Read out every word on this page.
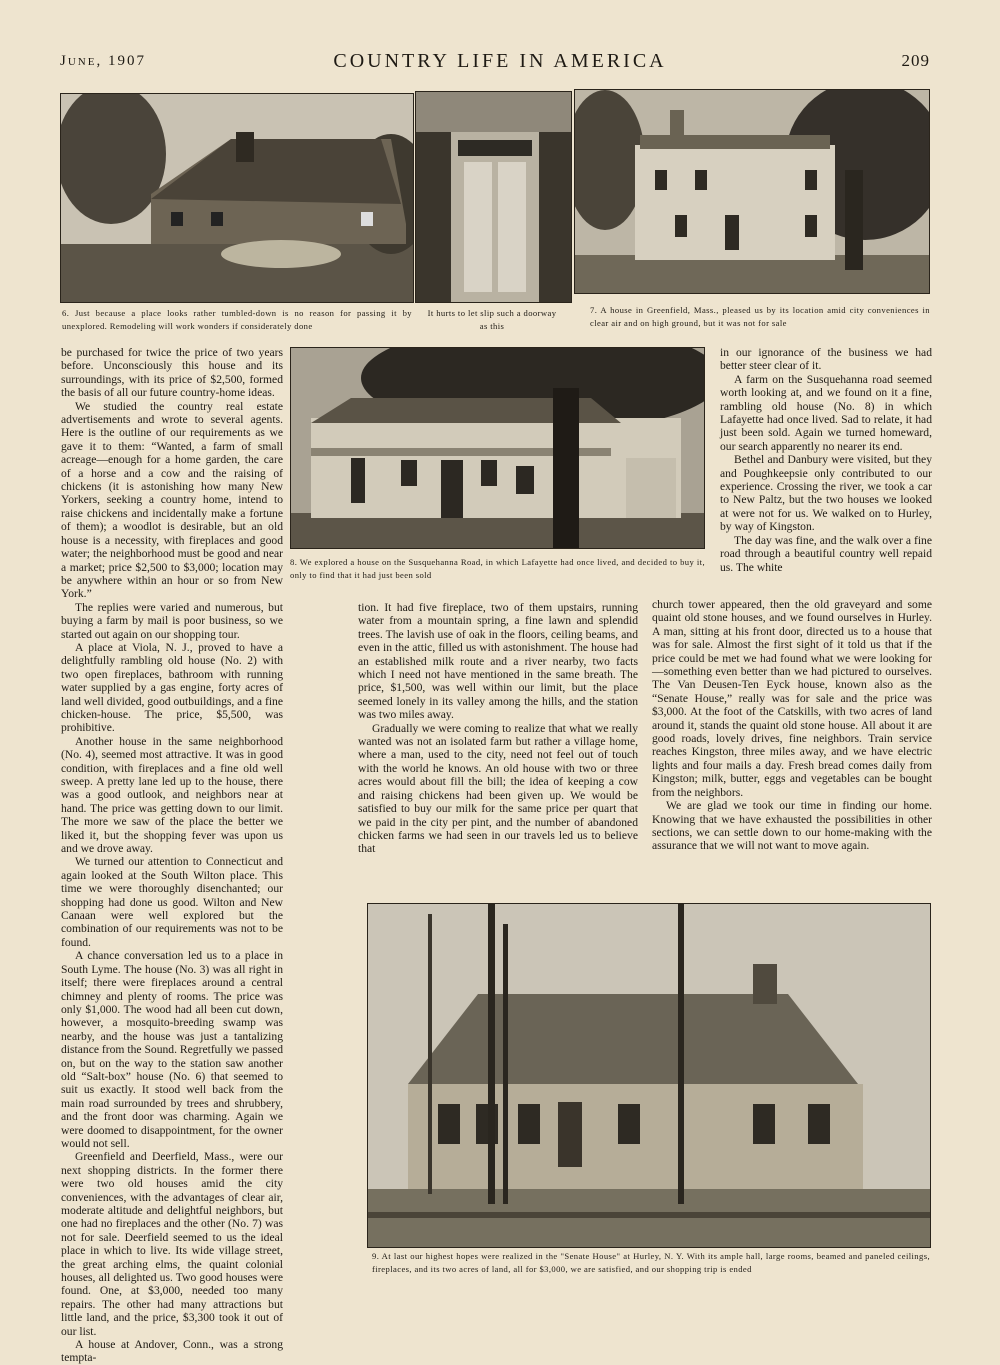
June, 1907	COUNTRY LIFE IN AMERICA	209
6. Just because a place looks rather tumbled-down is no reason for passing it by unexplored. Remodeling will work wonders if considerately done
It hurts to let slip such a doorway as this
7. A house in Greenfield, Mass., pleased us by its location amid city conveniences in clear air and on high ground, but it was not for sale
8. We explored a house on the Susquehanna Road, in which Lafayette had once lived, and decided to buy it, only to find that it had just been sold
9. At last our highest hopes were realized in the "Senate House" at Hurley, N. Y. With its ample hall, large rooms, beamed and paneled ceilings, fireplaces, and its two acres of land, all for $3,000, we are satisfied, and our shopping trip is ended

be purchased for twice the price of two years before. Unconsciously this house and its surroundings, with its price of $2,500, formed the basis of all our future country-home ideas.

We studied the country real estate advertisements and wrote to several agents. Here is the outline of our requirements as we gave it to them: “Wanted, a farm of small acreage—enough for a home garden, the care of a horse and a cow and the raising of chickens (it is astonishing how many New Yorkers, seeking a country home, intend to raise chickens and incidentally make a fortune of them); a woodlot is desirable, but an old house is a necessity, with fireplaces and good water; the neighborhood must be good and near a market; price $2,500 to $3,000; location may be anywhere within an hour or so from New York.”

The replies were varied and numerous, but buying a farm by mail is poor business, so we started out again on our shopping tour.

A place at Viola, N. J., proved to have a delightfully rambling old house (No. 2) with two open fireplaces, bathroom with running water supplied by a gas engine, forty acres of land well divided, good outbuildings, and a fine chicken-house. The price, $5,500, was prohibitive.

Another house in the same neighborhood (No. 4), seemed most attractive. It was in good condition, with fireplaces and a fine old well sweep. A pretty lane led up to the house, there was a good outlook, and neighbors near at hand. The price was getting down to our limit. The more we saw of the place the better we liked it, but the shopping fever was upon us and we drove away.

We turned our attention to Connecticut and again looked at the South Wilton place. This time we were thoroughly disenchanted; our shopping had done us good. Wilton and New Canaan were well explored but the combination of our requirements was not to be found.

A chance conversation led us to a place in South Lyme. The house (No. 3) was all right in itself; there were fireplaces around a central chimney and plenty of rooms. The price was only $1,000. The wood had all been cut down, however, a mosquito-breeding swamp was nearby, and the house was just a tantalizing distance from the Sound. Regretfully we passed on, but on the way to the station saw another old “Salt-box” house (No. 6) that seemed to suit us exactly. It stood well back from the main road surrounded by trees and shrubbery, and the front door was charming. Again we were doomed to disappointment, for the owner would not sell.

Greenfield and Deerfield, Mass., were our next shopping districts. In the former there were two old houses amid the city conveniences, with the advantages of clear air, moderate altitude and delightful neighbors, but one had no fireplaces and the other (No. 7) was not for sale. Deerfield seemed to us the ideal place in which to live. Its wide village street, the great arching elms, the quaint colonial houses, all delighted us. Two good houses were found. One, at $3,000, needed too many repairs. The other had many attractions but little land, and the price, $3,300 took it out of our list.

A house at Andover, Conn., was a strong tempta-

tion. It had five fireplace, two of them upstairs, running water from a mountain spring, a fine lawn and splendid trees. The lavish use of oak in the floors, ceiling beams, and even in the attic, filled us with astonishment. The house had an established milk route and a river nearby, two facts which I need not have mentioned in the same breath. The price, $1,500, was well within our limit, but the place seemed lonely in its valley among the hills, and the station was two miles away.

Gradually we were coming to realize that what we really wanted was not an isolated farm but rather a village home, where a man, used to the city, need not feel out of touch with the world he knows. An old house with two or three acres would about fill the bill; the idea of keeping a cow and raising chickens had been given up. We would be satisfied to buy our milk for the same price per quart that we paid in the city per pint, and the number of abandoned chicken farms we had seen in our travels led us to believe that

in our ignorance of the business we had better steer clear of it.

A farm on the Susquehanna road seemed worth looking at, and we found on it a fine, rambling old house (No. 8) in which Lafayette had once lived. Sad to relate, it had just been sold. Again we turned homeward, our search apparently no nearer its end.

Bethel and Danbury were visited, but they and Poughkeepsie only contributed to our experience. Crossing the river, we took a car to New Paltz, but the two houses we looked at were not for us. We walked on to Hurley, by way of Kingston.

The day was fine, and the walk over a fine road through a beautiful country well repaid us. The white

church tower appeared, then the old graveyard and some quaint old stone houses, and we found ourselves in Hurley. A man, sitting at his front door, directed us to a house that was for sale. Almost the first sight of it told us that if the price could be met we had found what we were looking for—something even better than we had pictured to ourselves. The Van Deusen-Ten Eyck house, known also as the “Senate House,” really was for sale and the price was $3,000. At the foot of the Catskills, with two acres of land around it, stands the quaint old stone house. All about it are good roads, lovely drives, fine neighbors. Train service reaches Kingston, three miles away, and we have electric lights and four mails a day. Fresh bread comes daily from Kingston; milk, butter, eggs and vegetables can be bought from the neighbors.

We are glad we took our time in finding our home. Knowing that we have exhausted the possibilities in other sections, we can settle down to our home-making with the assurance that we will not want to move again.
